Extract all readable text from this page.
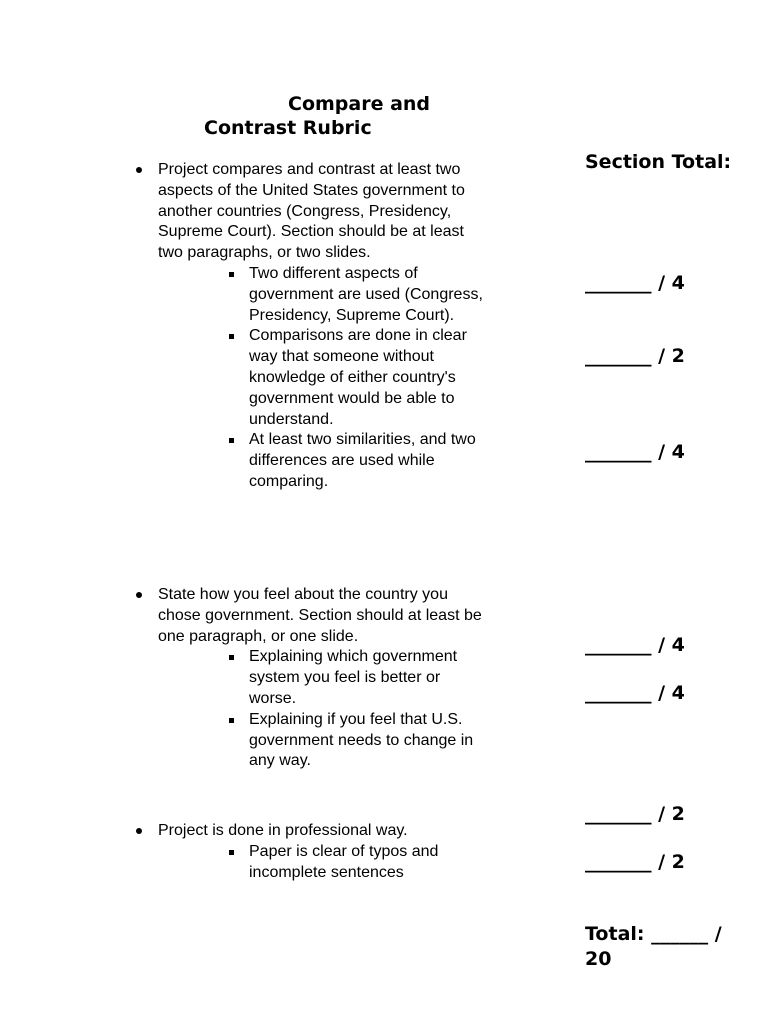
Compare and
Contrast Rubric
Section Total:

Project compares and contrast at least two aspects of the United States government to another countries (Congress, Presidency, Supreme Court). Section should be at least two paragraphs, or two slides.

Two different aspects of government are used (Congress, Presidency, Supreme Court).
Comparisons are done in clear way that someone without knowledge of either country's government would be able to understand.
At least two similarities, and two differences are used while comparing.

State how you feel about the country you chose government. Section should at least be one paragraph, or one slide.

Explaining which government system you feel is better or worse.
Explaining if you feel that U.S. government needs to change in any way.

Project is done in professional way.

Paper is clear of typos and incomplete sentences
_______ / 4
_______ / 2
_______ / 4
_______ / 4
_______ / 4
_______ / 2
_______ / 2
Total: ______ / 20
